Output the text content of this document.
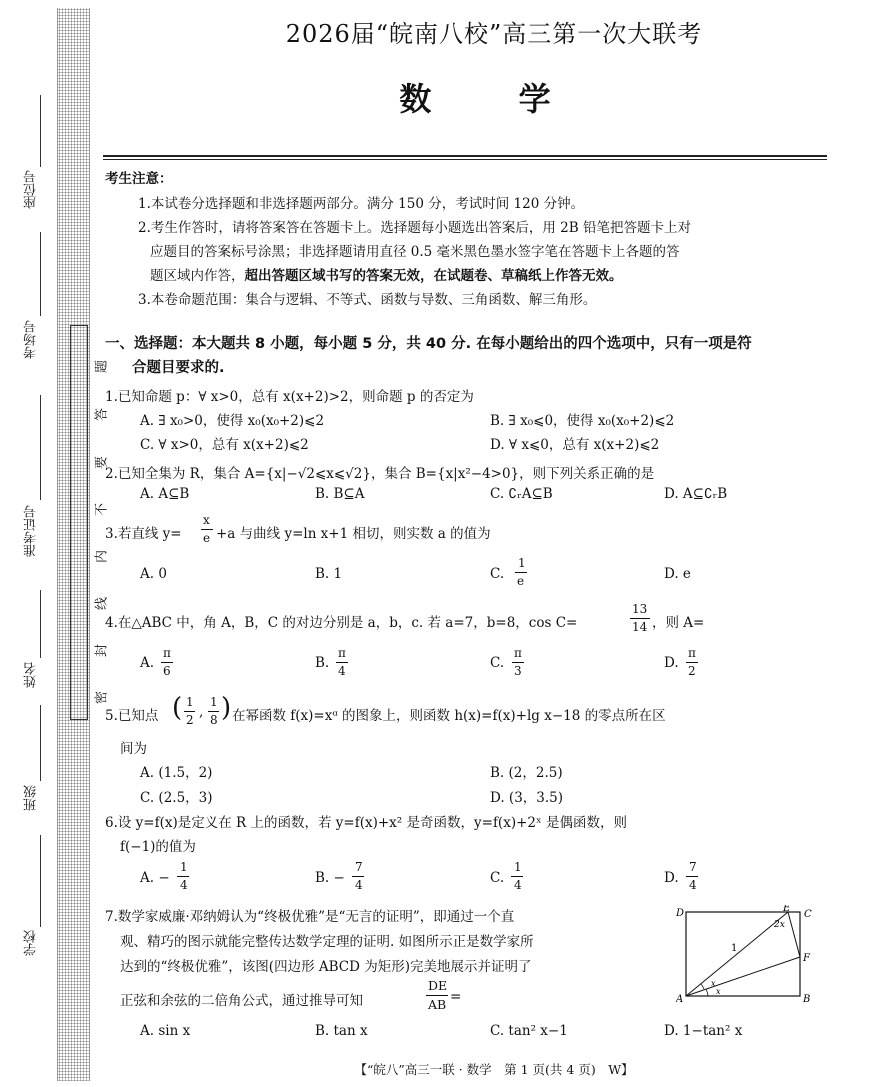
座位号
考场号
准考证号
姓名
班级
学校
题
答
要
不
内
线
封
密
2026届“皖南八校”高三第一次大联考
数 学
考生注意：
1.本试卷分选择题和非选择题两部分。满分 150 分，考试时间 120 分钟。
2.考生作答时，请将答案答在答题卡上。选择题每小题选出答案后，用 2B 铅笔把答题卡上对
应题目的答案标号涂黑；非选择题请用直径 0.5 毫米黑色墨水签字笔在答题卡上各题的答
题区域内作答，超出答题区域书写的答案无效，在试题卷、草稿纸上作答无效。
3.本卷命题范围：集合与逻辑、不等式、函数与导数、三角函数、解三角形。
一、选择题：本大题共 8 小题，每小题 5 分，共 40 分. 在每小题给出的四个选项中，只有一项是符
合题目要求的.
1.已知命题 p：∀ x>0，总有 x(x+2)>2，则命题 p 的否定为
A. ∃ x₀>0，使得 x₀(x₀+2)⩽2	B. ∃ x₀⩽0，使得 x₀(x₀+2)⩽2
C. ∀ x>0，总有 x(x+2)⩽2	D. ∀ x⩽0，总有 x(x+2)⩽2
2.已知全集为 R，集合 A={x|−√2⩽x⩽√2}，集合 B={x|x²−4>0}，则下列关系正确的是
A. A⊆B	B. B⊆A	C. ∁ᵣA⊆B	D. A⊆∁ᵣB
3.若直线 y=
x
e +a 与曲线 y=ln x+1 相切，则实数 a 的值为
A. 0	B. 1	C.
1
e	D. e
4.在△ABC 中，角 A，B，C 的对边分别是 a，b，c. 若 a=7，b=8，cos C=
13
14 ，则 A=
A.
π
6	B.
π
4	C.
π
3	D.
π
2
5.已知点 ( 1
2 ,
1
8 ) 在幂函数 f(x)=xᵅ 的图象上，则函数 h(x)=f(x)+lg x−18 的零点所在区
间为
A. (1.5，2)	B. (2，2.5)
C. (2.5，3)	D. (3，3.5)
6.设 y=f(x)是定义在 R 上的函数，若 y=f(x)+x² 是奇函数，y=f(x)+2ˣ 是偶函数，则
f(−1)的值为
A. −
1
4	B. −
7
4	C.
1
4	D.
7
4
7.数学家威廉·邓纳姆认为“终极优雅”是“无言的证明”，即通过一个直
观、精巧的图示就能完整传达数学定理的证明. 如图所示正是数学家所
达到的“终极优雅”，该图(四边形 ABCD 为矩形)完美地展示并证明了
正弦和余弦的二倍角公式，通过推导可知
DE
AB =
A. sin x	B. tan x	C. tan² x−1	D. 1−tan² x
D	E
C
F
A	B
1
2x
x
x
【“皖八”高三一联 · 数学　第 1 页(共 4 页)　W】
